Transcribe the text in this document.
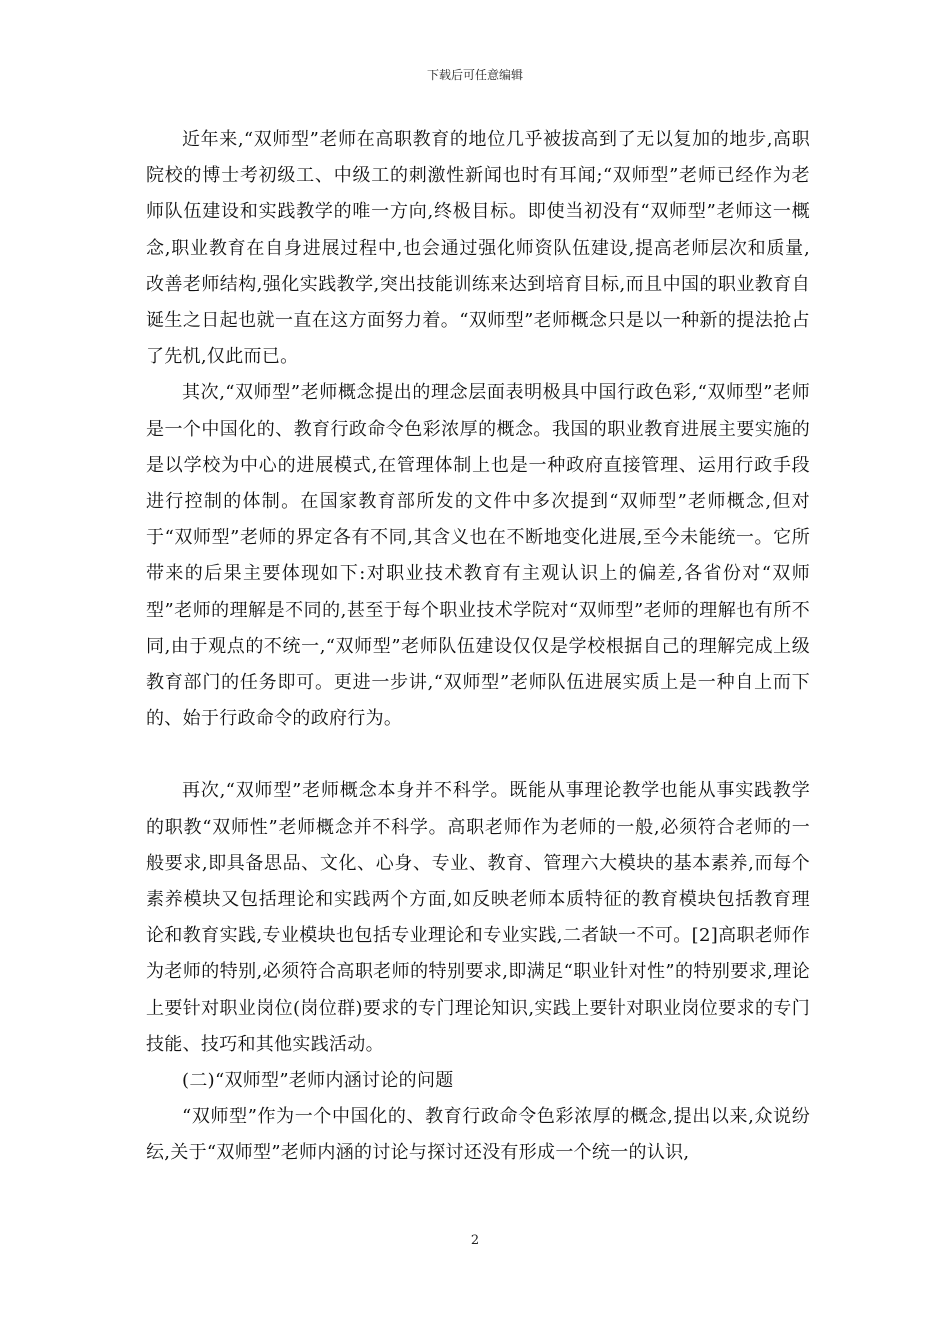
下载后可任意编辑

近年来,“双师型”老师在高职教育的地位几乎被拔高到了无以复加的地步,高职院校的博士考初级工、中级工的刺激性新闻也时有耳闻;“双师型”老师已经作为老师队伍建设和实践教学的唯一方向,终极目标。即使当初没有“双师型”老师这一概念,职业教育在自身进展过程中,也会通过强化师资队伍建设,提高老师层次和质量,改善老师结构,强化实践教学,突出技能训练来达到培育目标,而且中国的职业教育自诞生之日起也就一直在这方面努力着。“双师型”老师概念只是以一种新的提法抢占了先机,仅此而已。

其次,“双师型”老师概念提出的理念层面表明极具中国行政色彩,“双师型”老师是一个中国化的、教育行政命令色彩浓厚的概念。我国的职业教育进展主要实施的是以学校为中心的进展模式,在管理体制上也是一种政府直接管理、运用行政手段进行控制的体制。在国家教育部所发的文件中多次提到“双师型”老师概念,但对于“双师型”老师的界定各有不同,其含义也在不断地变化进展,至今未能统一。它所带来的后果主要体现如下:对职业技术教育有主观认识上的偏差,各省份对“双师型”老师的理解是不同的,甚至于每个职业技术学院对“双师型”老师的理解也有所不同,由于观点的不统一,“双师型”老师队伍建设仅仅是学校根据自己的理解完成上级教育部门的任务即可。更进一步讲,“双师型”老师队伍进展实质上是一种自上而下的、始于行政命令的政府行为。

再次,“双师型”老师概念本身并不科学。既能从事理论教学也能从事实践教学的职教“双师性”老师概念并不科学。高职老师作为老师的一般,必须符合老师的一般要求,即具备思品、文化、心身、专业、教育、管理六大模块的基本素养,而每个素养模块又包括理论和实践两个方面,如反映老师本质特征的教育模块包括教育理论和教育实践,专业模块也包括专业理论和专业实践,二者缺一不可。[2]高职老师作为老师的特别,必须符合高职老师的特别要求,即满足“职业针对性”的特别要求,理论上要针对职业岗位(岗位群)要求的专门理论知识,实践上要针对职业岗位要求的专门技能、技巧和其他实践活动。

(二)“双师型”老师内涵讨论的问题

“双师型”作为一个中国化的、教育行政命令色彩浓厚的概念,提出以来,众说纷纭,关于“双师型”老师内涵的讨论与探讨还没有形成一个统一的认识,

2
